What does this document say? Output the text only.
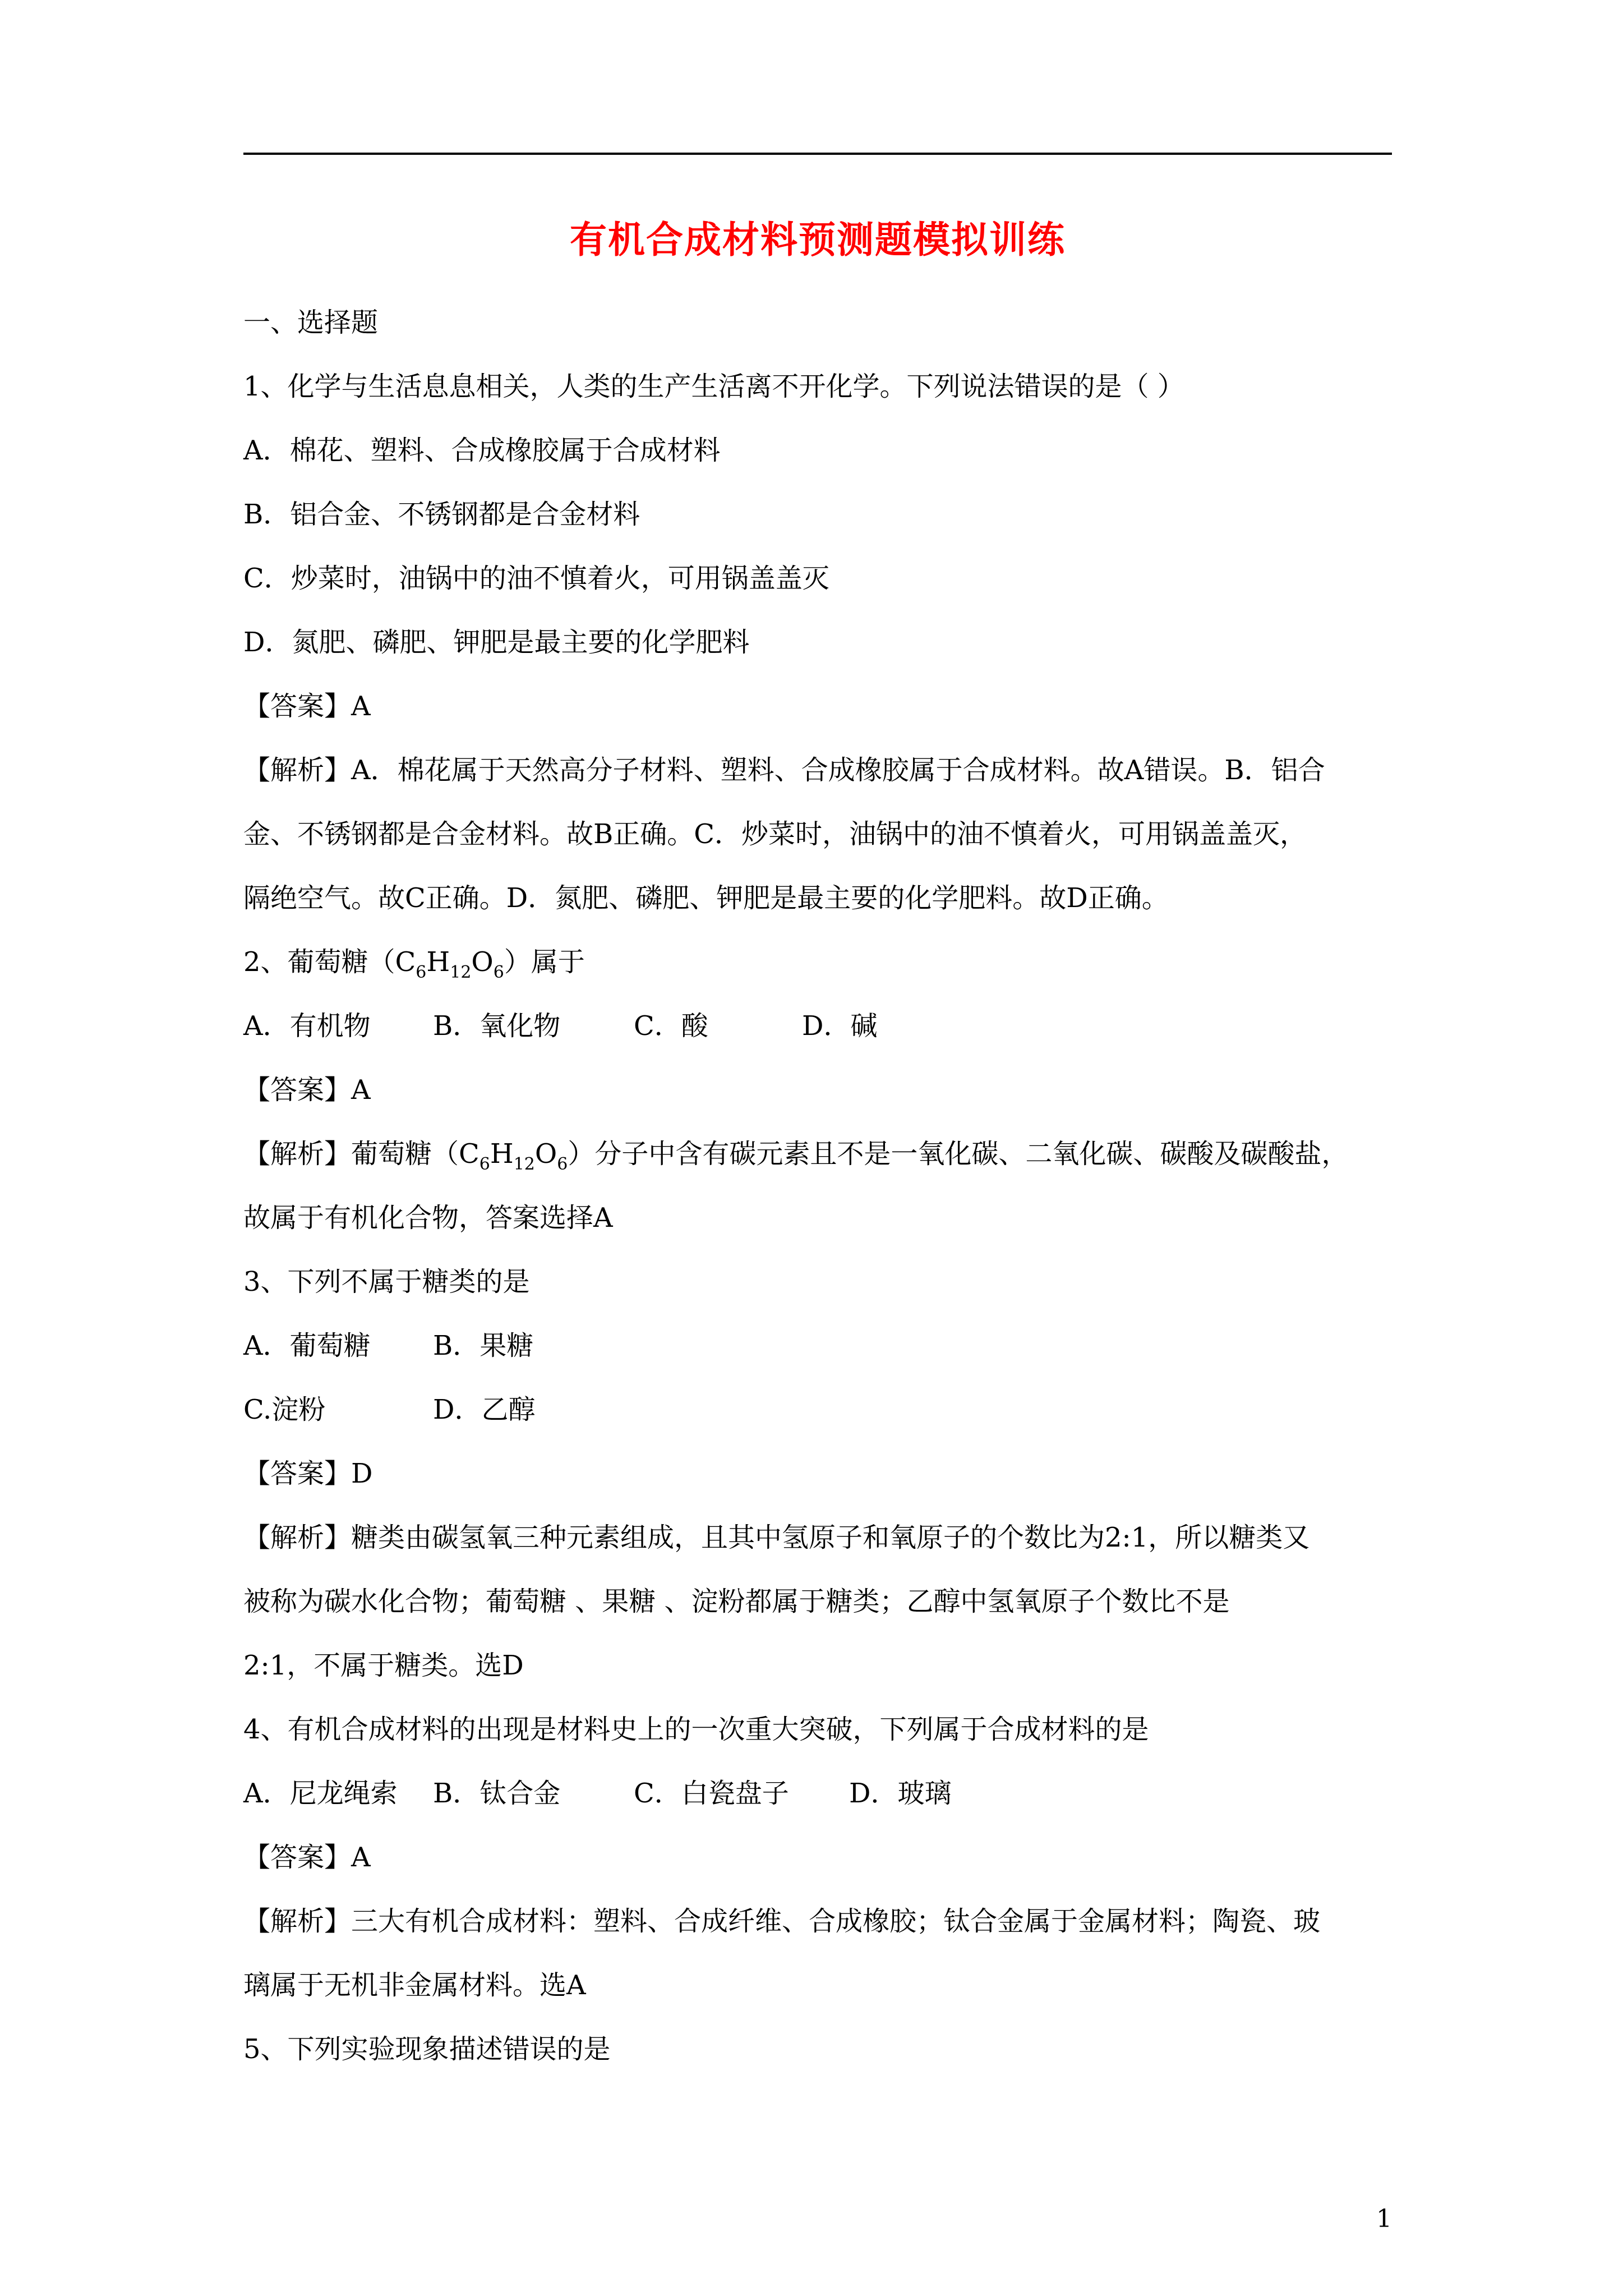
有机合成材料预测题模拟训练
一、选择题
1、化学与生活息息相关，人类的生产生活离不开化学。下列说法错误的是（ ）
A．棉花、塑料、合成橡胶属于合成材料
B．铝合金、不锈钢都是合金材料
C．炒菜时，油锅中的油不慎着火，可用锅盖盖灭
D．氮肥、磷肥、钾肥是最主要的化学肥料
【答案】A
【解析】A．棉花属于天然高分子材料、塑料、合成橡胶属于合成材料。故A错误。B．铝合
金、不锈钢都是合金材料。故B正确。C．炒菜时，油锅中的油不慎着火，可用锅盖盖灭，
隔绝空气。故C正确。D．氮肥、磷肥、钾肥是最主要的化学肥料。故D正确。
2、葡萄糖$(C_6H_{12}O_6)$属于
A．有机物 B．氧化物	C．酸	D．碱
【答案】A
【解析】葡萄糖$(C_6H_{12}O_6)$分子中含有碳元素且不是一氧化碳、二氧化碳、碳酸及碳酸盐，
故属于有机化合物，答案选择A
3、下列不属于糖类的是
A．葡萄糖 B．果糖
C.淀粉	D．乙醇
【答案】D
【解析】糖类由碳氢氧三种元素组成，且其中氢原子和氧原子的个数比为2:1，所以糖类又
被称为碳水化合物；葡萄糖 、果糖 、淀粉都属于糖类；乙醇中氢氧原子个数比不是
2:1，不属于糖类。选D
4、有机合成材料的出现是材料史上的一次重大突破，下列属于合成材料的是
A．尼龙绳索 B．钛合金	C．白瓷盘子 D．玻璃
【答案】A
【解析】三大有机合成材料：塑料、合成纤维、合成橡胶；钛合金属于金属材料；陶瓷、玻
璃属于无机非金属材料。选A
5、下列实验现象描述错误的是
1
